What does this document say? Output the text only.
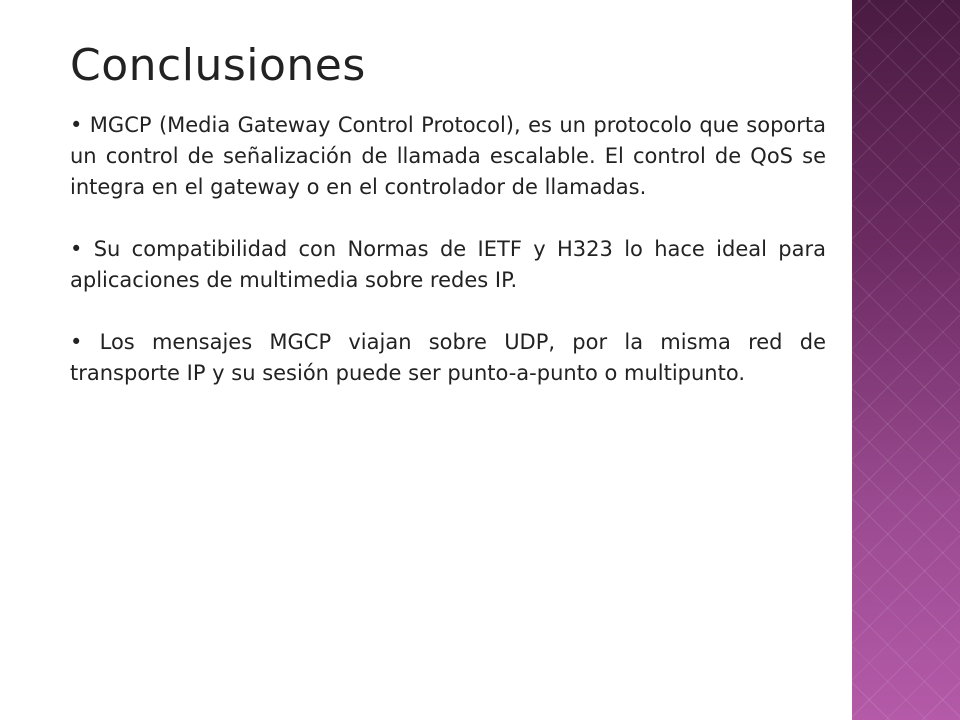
Conclusiones

• MGCP (Media Gateway Control Protocol), es un protocolo que soporta un control de señalización de llamada escalable. El control de QoS se integra en el gateway o en el controlador de llamadas.

• Su compatibilidad con Normas de IETF y H323 lo hace ideal para aplicaciones de multimedia sobre redes IP.

• Los mensajes MGCP viajan sobre UDP, por la misma red de transporte IP y su sesión puede ser punto-a-punto o multipunto.
